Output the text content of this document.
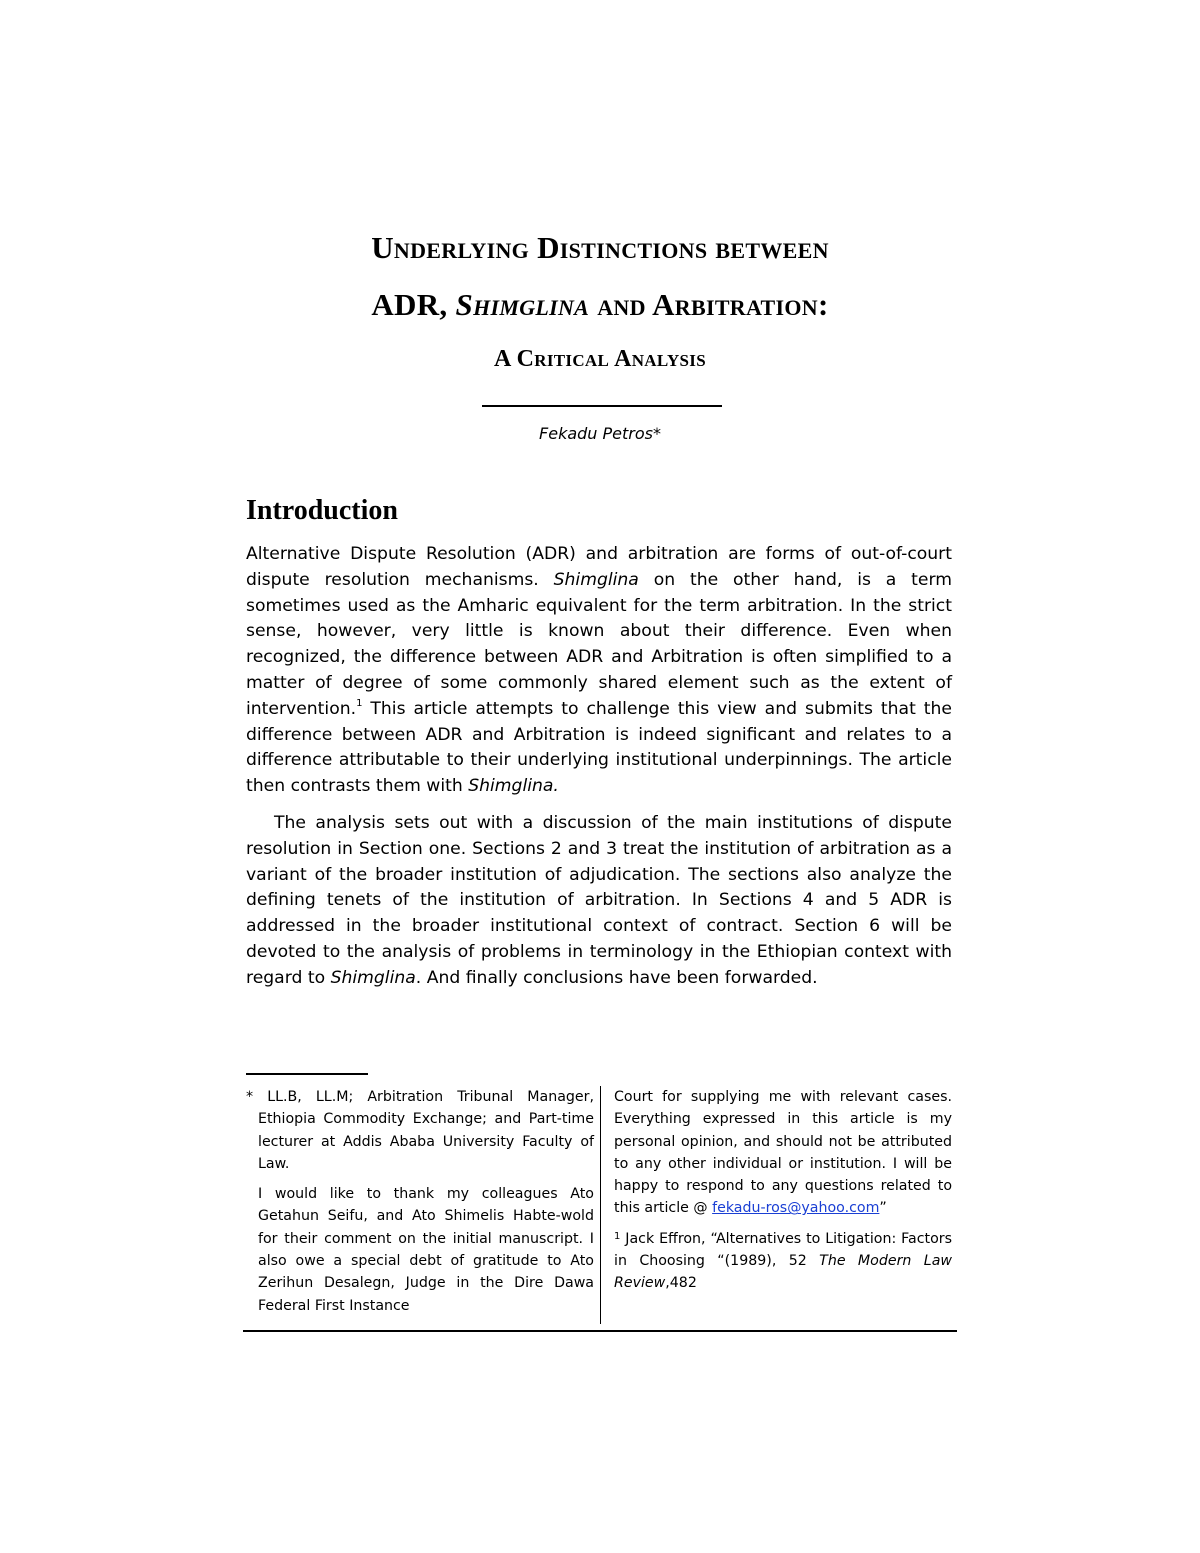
Underlying Distinctions between
ADR, Shimglina and Arbitration:
A Critical Analysis

Fekadu Petros*

Introduction

Alternative Dispute Resolution (ADR) and arbitration are forms of out-of-court dispute resolution mechanisms. Shimglina on the other hand, is a term sometimes used as the Amharic equivalent for the term arbitration. In the strict sense, however, very little is known about their difference. Even when recognized, the difference between ADR and Arbitration is often simplified to a matter of degree of some commonly shared element such as the extent of intervention.$^1$ This article attempts to challenge this view and submits that the difference between ADR and Arbitration is indeed significant and relates to a difference attributable to their underlying institutional underpinnings. The article then contrasts them with Shimglina.

The analysis sets out with a discussion of the main institutions of dispute resolution in Section one. Sections 2 and 3 treat the institution of arbitration as a variant of the broader institution of adjudication. The sections also analyze the defining tenets of the institution of arbitration. In Sections 4 and 5 ADR is addressed in the broader institutional context of contract. Section 6 will be devoted to the analysis of problems in terminology in the Ethiopian context with regard to Shimglina. And finally conclusions have been forwarded.

* LL.B, LL.M; Arbitration Tribunal Manager, Ethiopia Commodity Exchange; and Part-time lecturer at Addis Ababa University Faculty of Law.

I would like to thank my colleagues Ato Getahun Seifu, and Ato Shimelis Habte-wold for their comment on the initial manuscript. I also owe a special debt of gratitude to Ato Zerihun Desalegn, Judge in the Dire Dawa Federal First Instance

Court for supplying me with relevant cases. Everything expressed in this article is my personal opinion, and should not be attributed to any other individual or institution. I will be happy to respond to any questions related to this article @ fekadu-ros@yahoo.com”

$^1$ Jack Effron, “Alternatives to Litigation: Factors in Choosing “(1989), 52 The Modern Law Review,482
